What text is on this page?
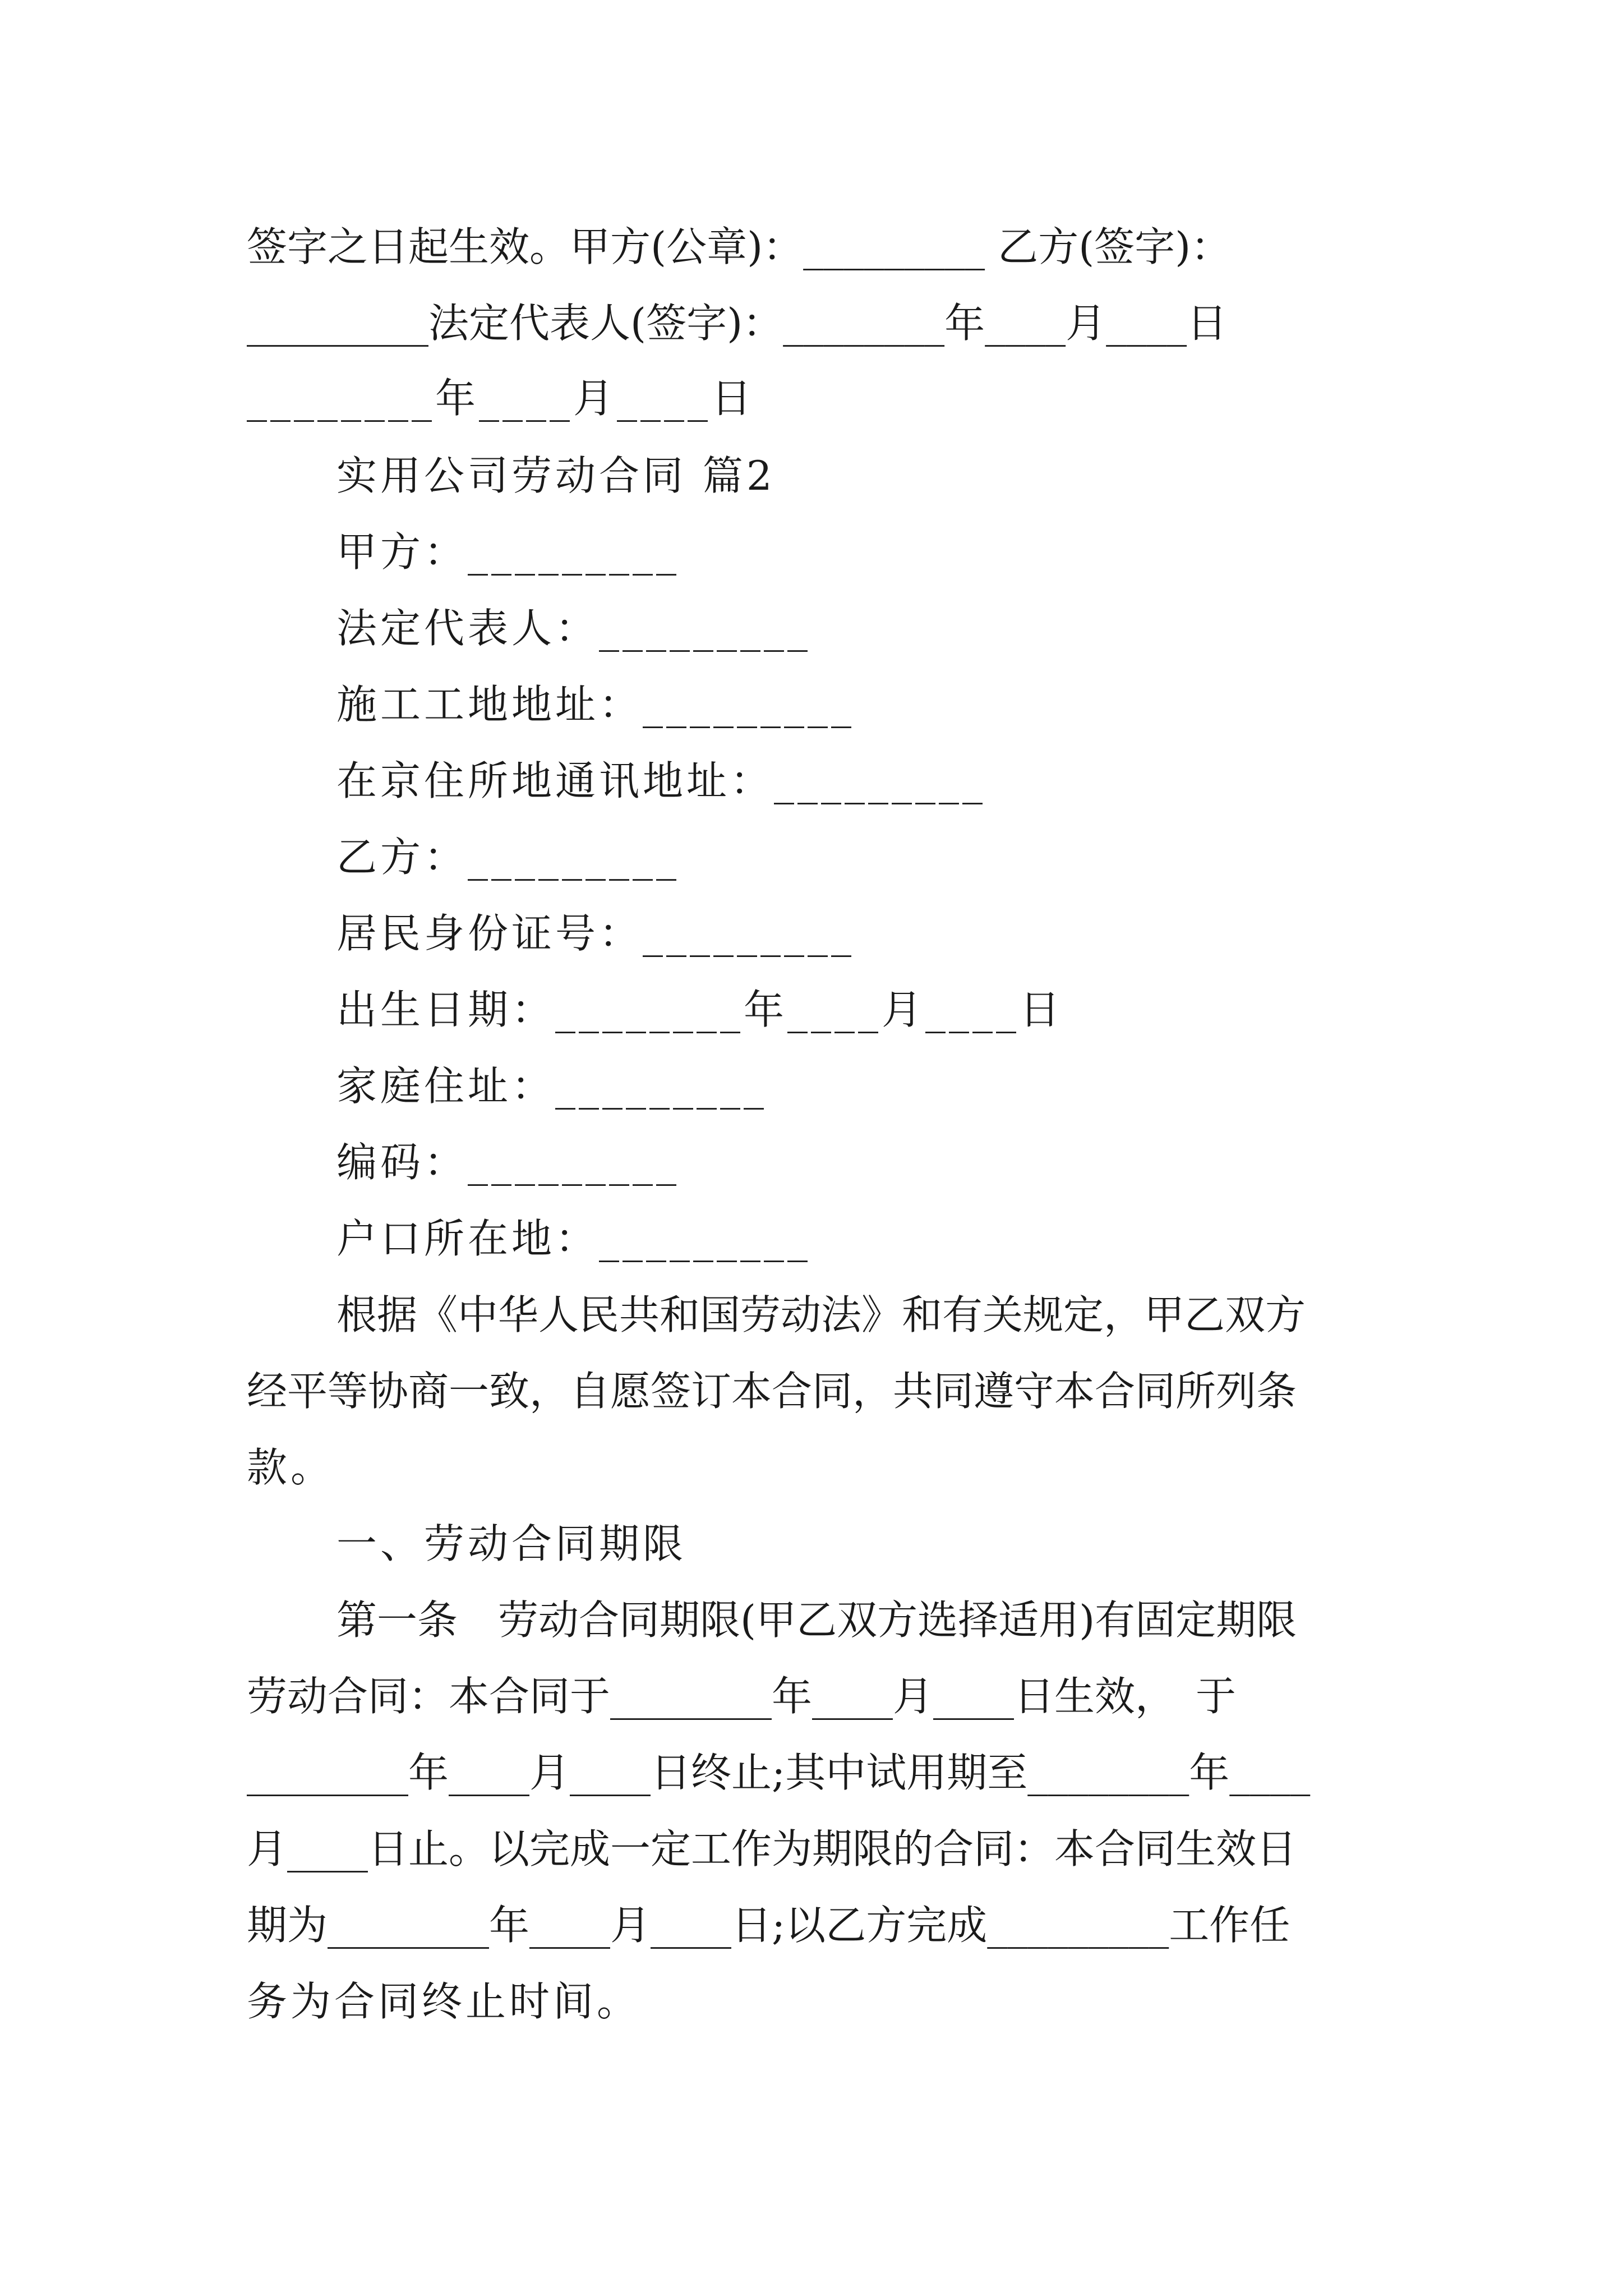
签字之日起生效。甲方(公章)：_________ 乙方(签字)：
_________法定代表人(签字)：________年____月____日
________年____月____日
实用公司劳动合同 篇2
甲方：_________
法定代表人：_________
施工工地地址：_________
在京住所地通讯地址：_________
乙方：_________
居民身份证号：_________
出生日期：________年____月____日
家庭住址：_________
编码：_________
户口所在地：_________
根据《中华人民共和国劳动法》和有关规定，甲乙双方
经平等协商一致，自愿签订本合同，共同遵守本合同所列条
款。
一、劳动合同期限
第一条　劳动合同期限(甲乙双方选择适用)有固定期限
劳动合同：本合同于________年____月____日生效，　于
________年____月____日终止;其中试用期至________年____
月____日止。以完成一定工作为期限的合同：本合同生效日
期为________年____月____日;以乙方完成_________工作任
务为合同终止时间。
